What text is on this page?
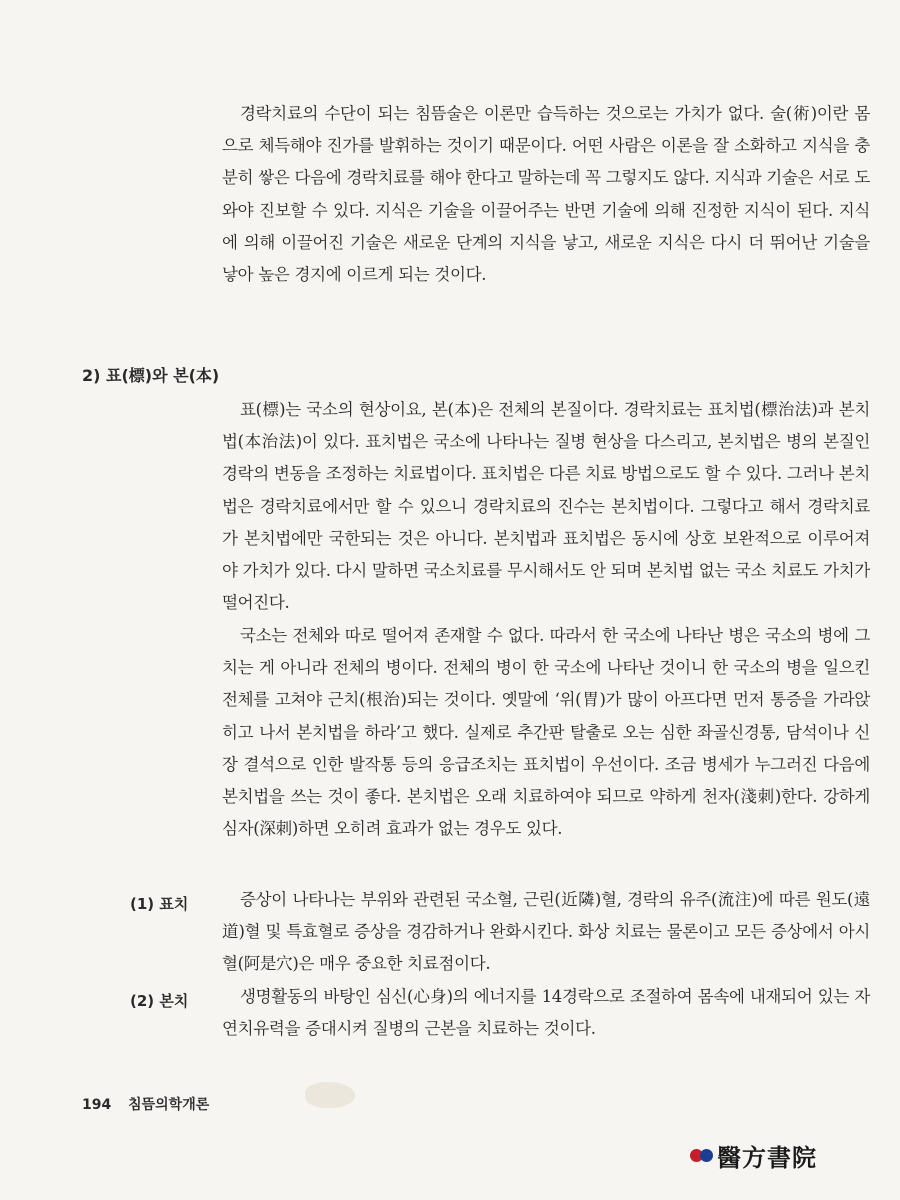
경락치료의 수단이 되는 침뜸술은 이론만 습득하는 것으로는 가치가 없다. 술(術)이란 몸으로 체득해야 진가를 발휘하는 것이기 때문이다. 어떤 사람은 이론을 잘 소화하고 지식을 충분히 쌓은 다음에 경락치료를 해야 한다고 말하는데 꼭 그렇지도 않다. 지식과 기술은 서로 도와야 진보할 수 있다. 지식은 기술을 이끌어주는 반면 기술에 의해 진정한 지식이 된다. 지식에 의해 이끌어진 기술은 새로운 단계의 지식을 낳고, 새로운 지식은 다시 더 뛰어난 기술을 낳아 높은 경지에 이르게 되는 것이다.

2) 표(標)와 본(本)

표(標)는 국소의 현상이요, 본(本)은 전체의 본질이다. 경락치료는 표치법(標治法)과 본치법(本治法)이 있다. 표치법은 국소에 나타나는 질병 현상을 다스리고, 본치법은 병의 본질인 경락의 변동을 조정하는 치료법이다. 표치법은 다른 치료 방법으로도 할 수 있다. 그러나 본치법은 경락치료에서만 할 수 있으니 경락치료의 진수는 본치법이다. 그렇다고 해서 경락치료가 본치법에만 국한되는 것은 아니다. 본치법과 표치법은 동시에 상호 보완적으로 이루어져야 가치가 있다. 다시 말하면 국소치료를 무시해서도 안 되며 본치법 없는 국소 치료도 가치가 떨어진다.

국소는 전체와 따로 떨어져 존재할 수 없다. 따라서 한 국소에 나타난 병은 국소의 병에 그치는 게 아니라 전체의 병이다. 전체의 병이 한 국소에 나타난 것이니 한 국소의 병을 일으킨 전체를 고쳐야 근치(根治)되는 것이다. 옛말에 ‘위(胃)가 많이 아프다면 먼저 통증을 가라앉히고 나서 본치법을 하라’고 했다. 실제로 추간판 탈출로 오는 심한 좌골신경통, 담석이나 신장 결석으로 인한 발작통 등의 응급조치는 표치법이 우선이다. 조금 병세가 누그러진 다음에 본치법을 쓰는 것이 좋다. 본치법은 오래 치료하여야 되므로 약하게 천자(淺刺)한다. 강하게 심자(深刺)하면 오히려 효과가 없는 경우도 있다.

(1) 표치	증상이 나타나는 부위와 관련된 국소혈, 근린(近隣)혈, 경락의 유주(流注)에 따른 원도(遠道)혈 및 특효혈로 증상을 경감하거나 완화시킨다. 화상 치료는 물론이고 모든 증상에서 아시혈(阿是穴)은 매우 중요한 치료점이다.

(2) 본치	생명활동의 바탕인 심신(心身)의 에너지를 14경락으로 조절하여 몸속에 내재되어 있는 자연치유력을 증대시켜 질병의 근본을 치료하는 것이다.

194 침뜸의학개론
醫方書院
